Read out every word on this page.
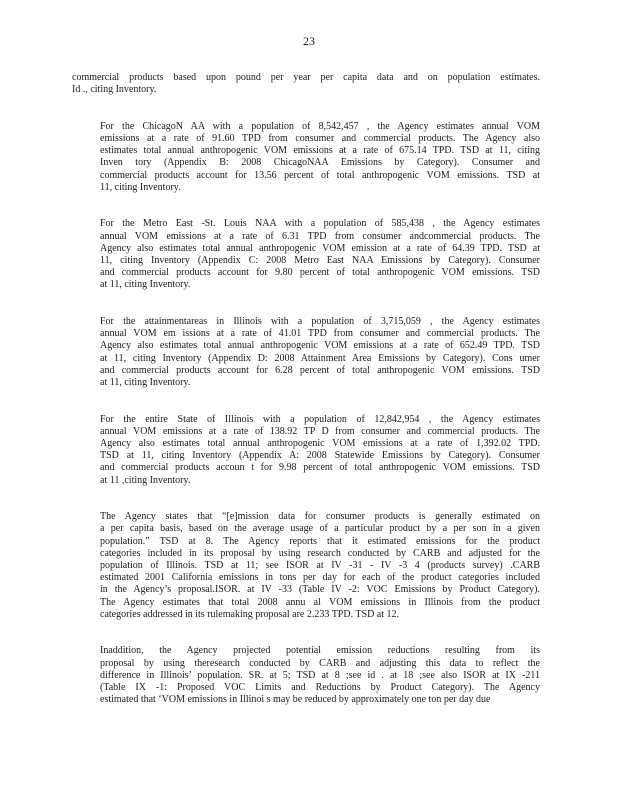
23

commercial products based upon pound per year per capita data and on population estimates.
Id ., citing Inventory.

For the ChicagoN AA with a population of 8,542,457 , the Agency estimates annual VOM
emissions at a rate of 91.60 TPD from consumer and commercial products. The Agency also
estimates total annual anthropogenic VOM emissions at a rate of 675.14 TPD. TSD at 11, citing
Inven tory (Appendix B: 2008 ChicagoNAA Emissions by Category). Consumer and
commercial products account for 13.56 percent of total anthropogenic VOM emissions. TSD at
11, citing Inventory.

For the Metro East -St. Louis NAA with a population of 585,438 , the Agency estimates
annual VOM emissions at a rate of 6.31 TPD from consumer andcommercial products. The
Agency also estimates total annual anthropogenic VOM emission at a rate of 64.39 TPD. TSD at
11, citing Inventory (Appendix C: 2008 Metro East NAA Emissions by Category). Consumer
and commercial products account for 9.80 percent of total anthropogenic VOM emissions. TSD
at 11, citing Inventory.

For the attainmentareas in Illinois with a population of 3,715,059 , the Agency estimates
annual VOM em issions at a rate of 41.01 TPD from consumer and commercial products. The
Agency also estimates total annual anthropogenic VOM emissions at a rate of 652.49 TPD. TSD
at 11, citing Inventory (Appendix D: 2008 Attainment Area Emissions by Category). Cons umer
and commercial products account for 6.28 percent of total anthropogenic VOM emissions. TSD
at 11, citing Inventory.

For the entire State of Illinois with a population of 12,842,954 , the Agency estimates
annual VOM emissions at a rate of 138.92 TP D from consumer and commercial products. The
Agency also estimates total annual anthropogenic VOM emissions at a rate of 1,392.02 TPD.
TSD at 11, citing Inventory (Appendix A: 2008 Statewide Emissions by Category). Consumer
and commercial products accoun t for 9.98 percent of total anthropogenic VOM emissions. TSD
at 11 ,citing Inventory.

The Agency states that “[e]mission data for consumer products is generally estimated on
a per capita basis, based on the average usage of a particular product by a per son in a given
population.” TSD at 8. The Agency reports that it estimated emissions for the product
categories included in its proposal by using research conducted by CARB and adjusted for the
population of Illinois. TSD at 11; see ISOR at IV -31 - IV -3 4 (products survey) .CARB
estimated 2001 California emissions in tons per day for each of the product categories included
in the Agency’s proposal.ISOR. at IV -33 (Table IV -2: VOC Emissions by Product Category).
The Agency estimates that total 2008 annu al VOM emissions in Illinois from the product
categories addressed in its rulemaking proposal are 2.233 TPD. TSD at 12.

Inaddition, the Agency projected potential emission reductions resulting from its
proposal by using theresearch conducted by CARB and adjusting this data to reflect the
difference in Illinois’ population. SR. at 5; TSD at 8 ;see id . at 18 ;see also ISOR at IX -211
(Table IX -1: Proposed VOC Limits and Reductions by Product Category). The Agency
estimated that ‘VOM emissions in Illinoi s may be reduced by approximately one ton per day due
